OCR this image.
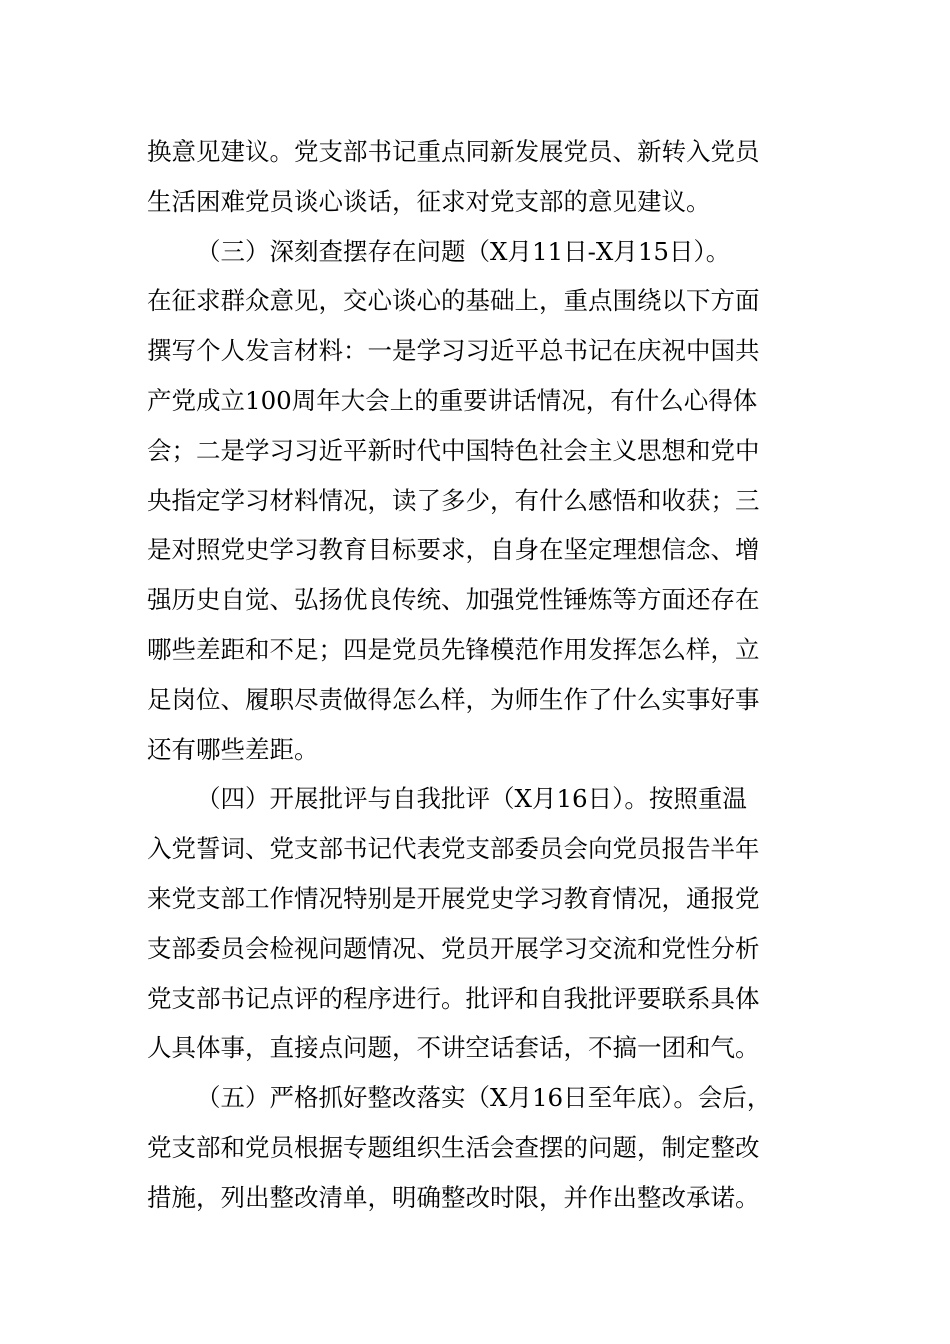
换意见建议。党支部书记重点同新发展党员、新转入党员
生活困难党员谈心谈话，征求对党支部的意见建议。
（三）深刻查摆存在问题（X月11日-X月15日）。
在征求群众意见，交心谈心的基础上，重点围绕以下方面
撰写个人发言材料：一是学习习近平总书记在庆祝中国共
产党成立100周年大会上的重要讲话情况，有什么心得体
会；二是学习习近平新时代中国特色社会主义思想和党中
央指定学习材料情况，读了多少，有什么感悟和收获；三
是对照党史学习教育目标要求，自身在坚定理想信念、增
强历史自觉、弘扬优良传统、加强党性锤炼等方面还存在
哪些差距和不足；四是党员先锋模范作用发挥怎么样，立
足岗位、履职尽责做得怎么样，为师生作了什么实事好事
还有哪些差距。
（四）开展批评与自我批评（X月16日）。按照重温
入党誓词、党支部书记代表党支部委员会向党员报告半年
来党支部工作情况特别是开展党史学习教育情况，通报党
支部委员会检视问题情况、党员开展学习交流和党性分析
党支部书记点评的程序进行。批评和自我批评要联系具体
人具体事，直接点问题，不讲空话套话，不搞一团和气。
（五）严格抓好整改落实（X月16日至年底）。会后，
党支部和党员根据专题组织生活会查摆的问题，制定整改
措施，列出整改清单，明确整改时限，并作出整改承诺。
